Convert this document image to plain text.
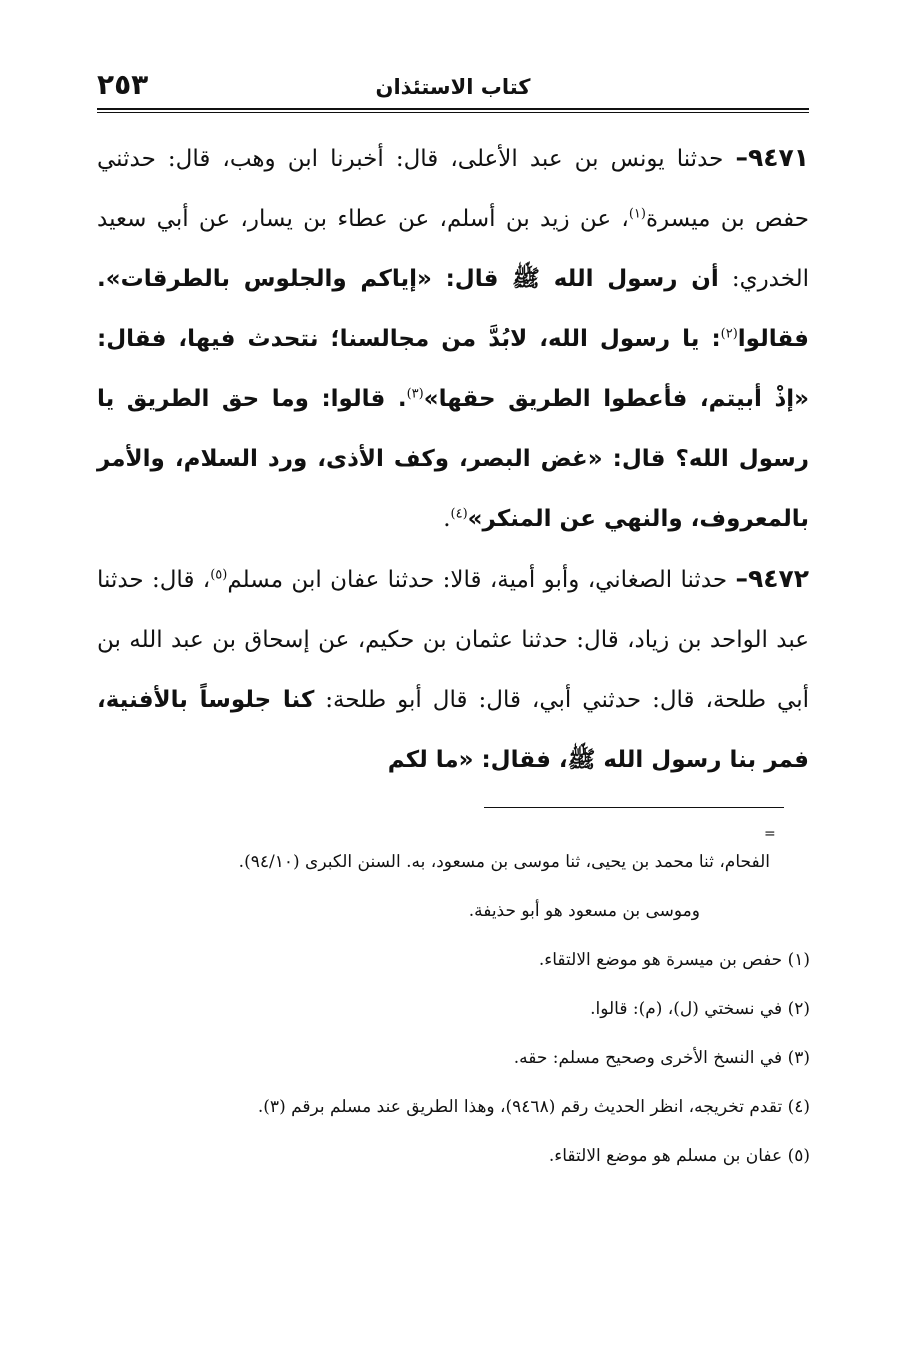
كتاب الاستئذان
٢٥٣

٩٤٧١– حدثنا يونس بن عبد الأعلى، قال: أخبرنا ابن وهب، قال: حدثني حفص بن ميسرة$^{(١)}$، عن زيد بن أسلم، عن عطاء بن يسار، عن أبي سعيد الخدري: أن رسول الله ﷺ قال: «إياكم والجلوس بالطرقات». فقالوا$^{(٢)}$: يا رسول الله، لابُدَّ من مجالسنا؛ نتحدث فيها، فقال: «إذْ أبيتم، فأعطوا الطريق حقها»$^{(٣)}$. قالوا: وما حق الطريق يا رسول الله؟ قال: «غض البصر، وكف الأذى، ورد السلام، والأمر بالمعروف، والنهي عن المنكر»$^{(٤)}$.

٩٤٧٢– حدثنا الصغاني، وأبو أمية، قالا: حدثنا عفان ابن مسلم$^{(٥)}$، قال: حدثنا عبد الواحد بن زياد، قال: حدثنا عثمان بن حكيم، عن إسحاق بن عبد الله بن أبي طلحة، قال: حدثني أبي، قال: قال أبو طلحة: كنا جلوساً بالأفنية، فمر بنا رسول الله ﷺ، فقال: «ما لكم

=

الفحام، ثنا محمد بن يحيى، ثنا موسى بن مسعود، به. السنن الكبرى (٩٤/١٠).

وموسى بن مسعود هو أبو حذيفة.

(١) حفص بن ميسرة هو موضع الالتقاء.

(٢) في نسختي (ل)، (م): قالوا.

(٣) في النسخ الأخرى وصحيح مسلم: حقه.

(٤) تقدم تخريجه، انظر الحديث رقم (٩٤٦٨)، وهذا الطريق عند مسلم برقم (٣).

(٥) عفان بن مسلم هو موضع الالتقاء.
